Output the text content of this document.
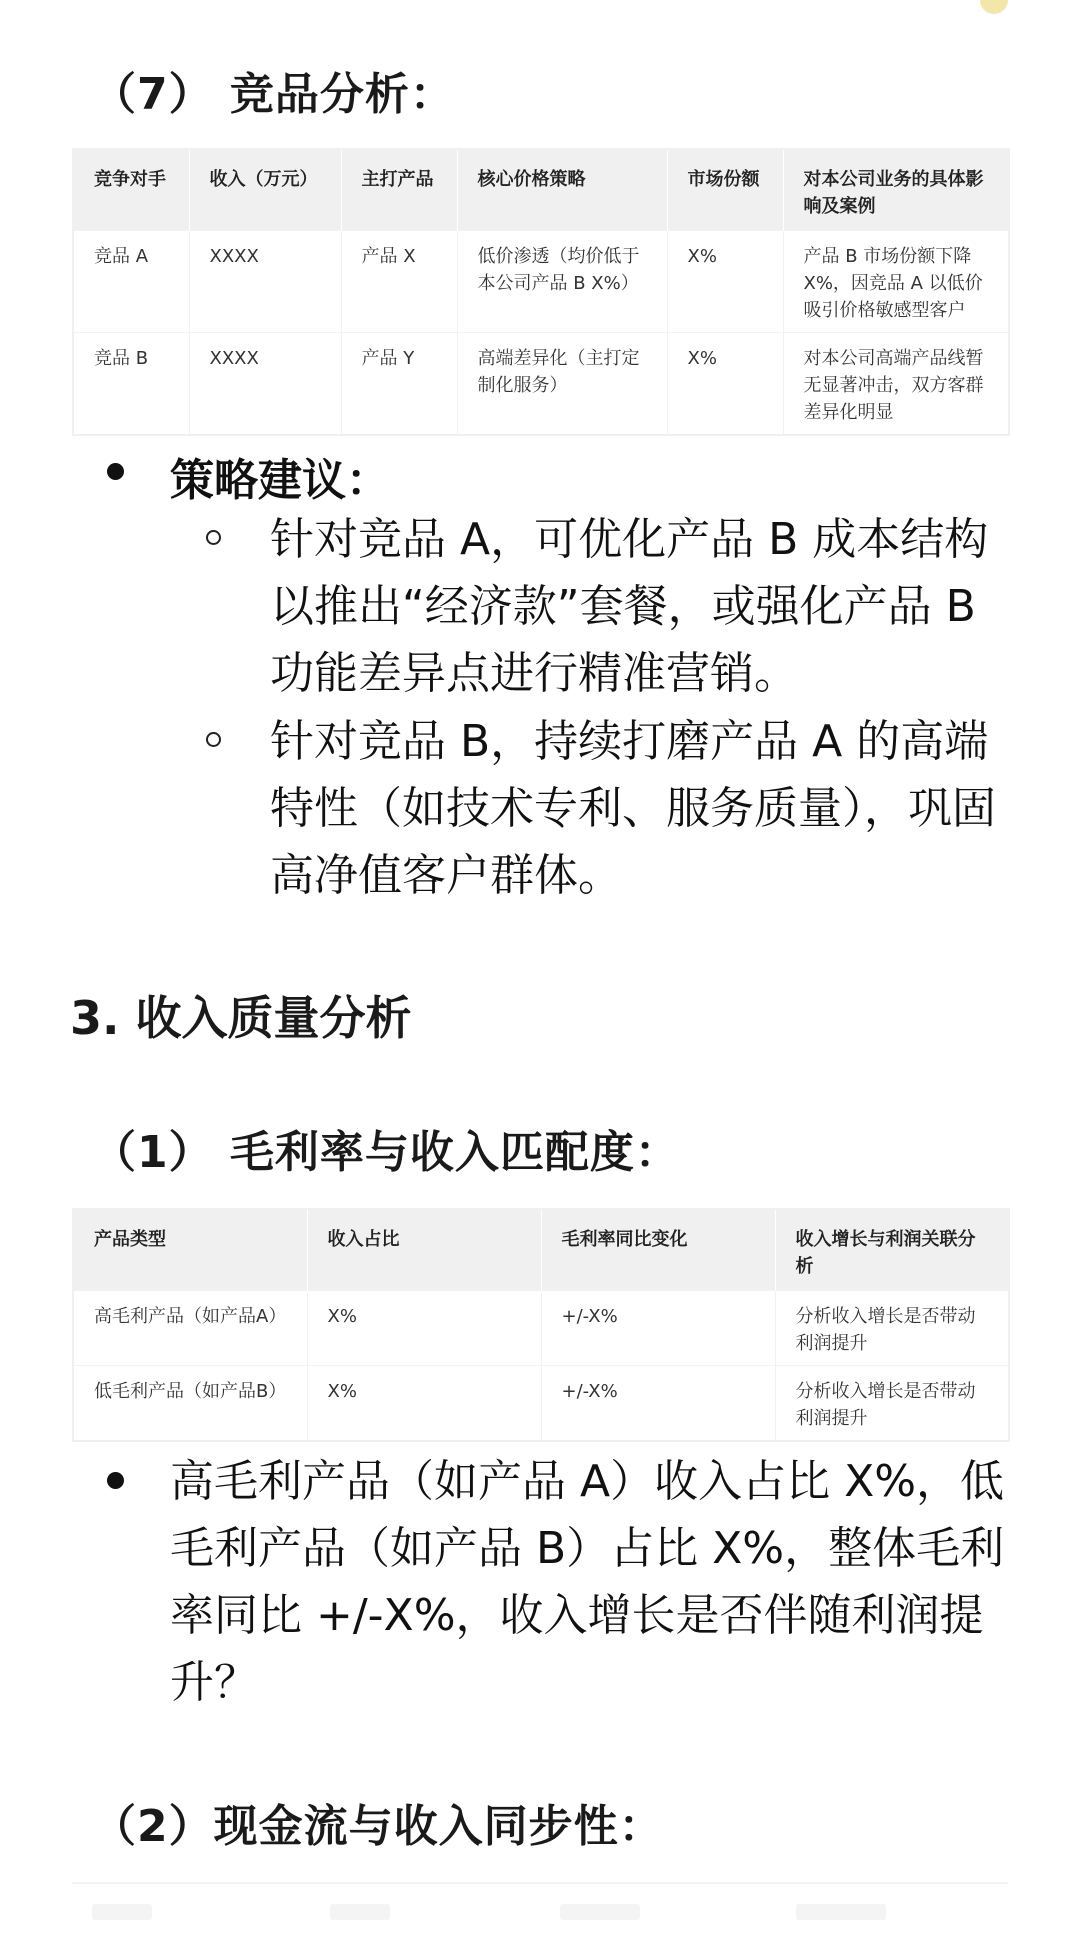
（7） 竞品分析：
竞争对手	收入（万元）	主打产品	核心价格策略	市场份额	对本公司业务的具体影响及案例
竞品 A	XXXX	产品 X	低价渗透（均价低于本公司产品 B X%）	X%	产品 B 市场份额下降 X%，因竞品 A 以低价吸引价格敏感型客户
竞品 B	XXXX	产品 Y	高端差异化（主打定制化服务）	X%	对本公司高端产品线暂无显著冲击，双方客群差异化明显
策略建议：

针对竞品 A，可优化产品 B 成本结构以推出“经济款”套餐，或强化产品 B 功能差异点进行精准营销。

针对竞品 B，持续打磨产品 A 的高端特性（如技术专利、服务质量），巩固高净值客户群体。

3. 收入质量分析
（1） 毛利率与收入匹配度：
产品类型	收入占比	毛利率同比变化	收入增长与利润关联分析
高毛利产品（如产品A）	X%	+/-X%	分析收入增长是否带动利润提升
低毛利产品（如产品B）	X%	+/-X%	分析收入增长是否带动利润提升

高毛利产品（如产品 A）收入占比 X%，低毛利产品（如产品 B）占比 X%，整体毛利率同比 +/-X%，收入增长是否伴随利润提升？

（2）现金流与收入同步性：
